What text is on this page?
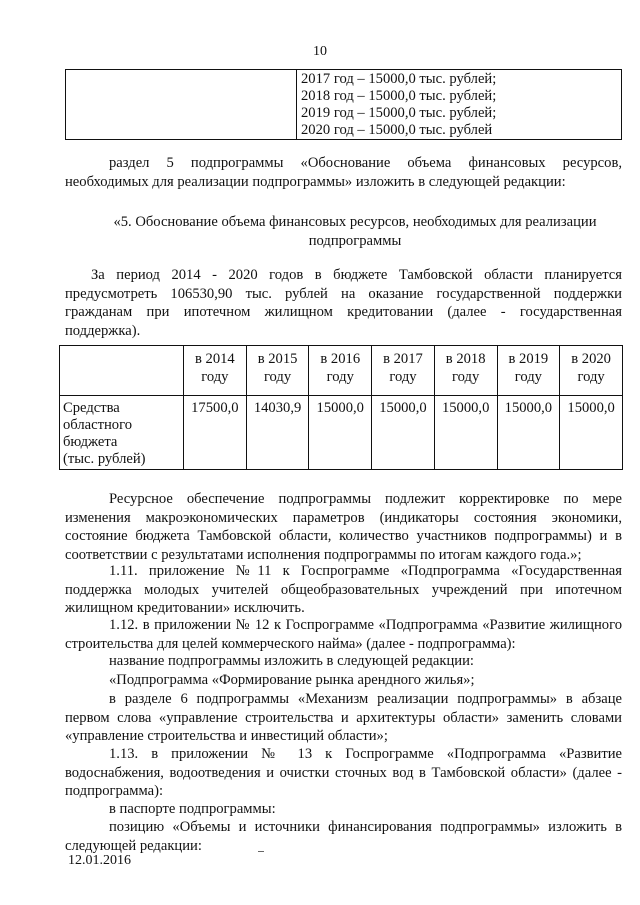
10

2017 год – 15000,0 тыс. рублей;
2018 год – 15000,0 тыс. рублей;
2019 год – 15000,0 тыс. рублей;
2020 год – 15000,0 тыс. рублей

раздел 5 подпрограммы «Обоснование объема финансовых ресурсов, необходимых для реализации подпрограммы» изложить в следующей редакции:

«5. Обоснование объема финансовых ресурсов, необходимых для реализации подпрограммы

За период 2014 - 2020 годов в бюджете Тамбовской области планируется предусмотреть 106530,90 тыс. рублей на оказание государственной поддержки гражданам при ипотечном жилищном кредитовании (далее - государственная поддержка).

	в 2014
году	в 2015
году	в 2016
году	в 2017
году	в 2018
году	в 2019
году	в 2020
году

Средства
областного
бюджета
(тыс. рублей)	17500,0	14030,9	15000,0	15000,0	15000,0	15000,0	15000,0

Ресурсное обеспечение подпрограммы подлежит корректировке по мере изменения макроэкономических параметров (индикаторы состояния экономики, состояние бюджета Тамбовской области, количество участников подпрограммы) и в соответствии с результатами исполнения подпрограммы по итогам каждого года.»;

1.11. приложение №11 к Госпрограмме «Подпрограмма «Государственная поддержка молодых учителей общеобразовательных учреждений при ипотечном жилищном кредитовании» исключить.

1.12. в приложении № 12 к Госпрограмме «Подпрограмма «Развитие жилищного строительства для целей коммерческого найма» (далее - подпрограмма):

название подпрограммы изложить в следующей редакции:

«Подпрограмма «Формирование рынка арендного жилья»;

в разделе 6 подпрограммы «Механизм реализации подпрограммы» в абзаце первом слова «управление строительства и архитектуры области» заменить словами «управление строительства и инвестиций области»;

1.13. в приложении № 13 к Госпрограмме «Подпрограмма «Развитие водоснабжения, водоотведения и очистки сточных вод в Тамбовской области» (далее - подпрограмма):

в паспорте подпрограммы:

позицию «Объемы и источники финансирования подпрограммы» изложить в следующей редакции:

12.01.2016
